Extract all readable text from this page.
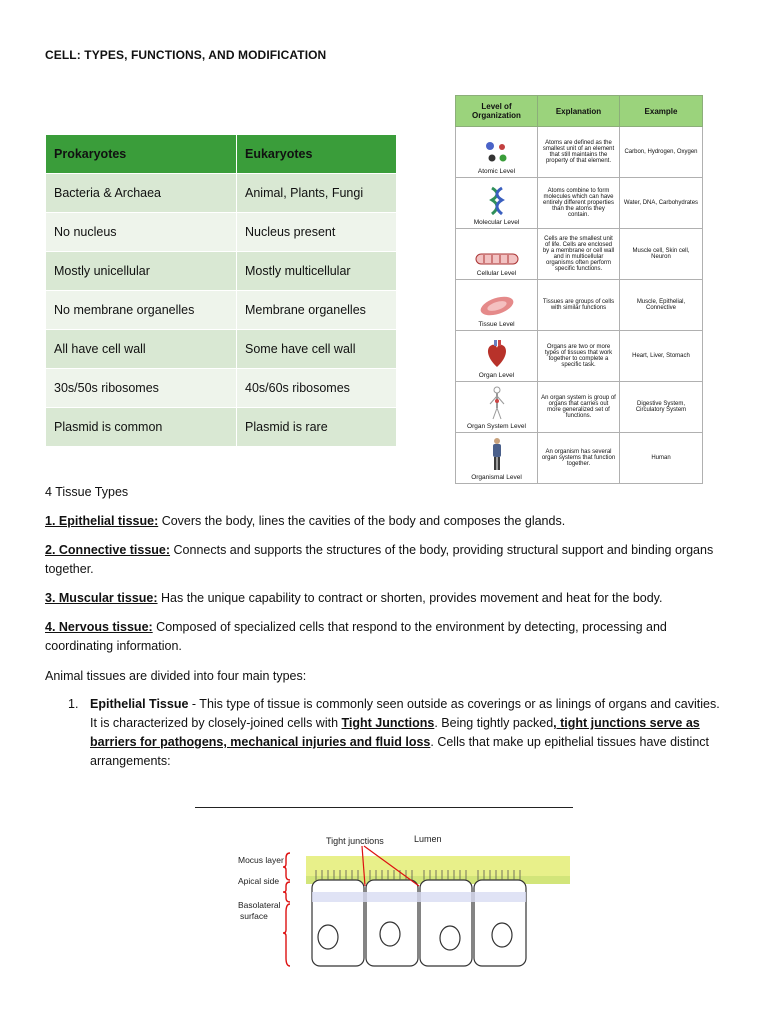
CELL: TYPES, FUNCTIONS, AND MODIFICATION
Prokaryotes	Eukaryotes
Bacteria & Archaea	Animal, Plants, Fungi
No nucleus	Nucleus present
Mostly unicellular	Mostly multicellular
No membrane organelles	Membrane organelles
All have cell wall	Some have cell wall
30s/50s ribosomes	40s/60s ribosomes
Plasmid is common	Plasmid is rare
Level of Organization	Explanation	Example

Atomic Level	Atoms are defined as the smallest unit of an element that still maintains the property of that element.	Carbon, Hydrogen, Oxygen

Molecular Level	Atoms combine to form molecules which can have entirely different properties than the atoms they contain.	Water, DNA, Carbohydrates

Cellular Level	Cells are the smallest unit of life. Cells are enclosed by a membrane or cell wall and in multicellular organisms often perform specific functions.	Muscle cell, Skin cell, Neuron

Tissue Level	Tissues are groups of cells with similar functions	Muscle, Epithelial, Connective

Organ Level	Organs are two or more types of tissues that work together to complete a specific task.	Heart, Liver, Stomach

Organ System Level	An organ system is group of organs that carries out more generalized set of functions.	Digestive System, Circulatory System

Organismal Level	An organism has several organ systems that function together.	Human
4 Tissue Types
1. Epithelial tissue: Covers the body, lines the cavities of the body and composes the glands.
2. Connective tissue: Connects and supports the structures of the body, providing structural support and binding organs together.
3. Muscular tissue: Has the unique capability to contract or shorten, provides movement and heat for the body.
4. Nervous tissue: Composed of specialized cells that respond to the environment by detecting, processing and coordinating information.
Animal tissues are divided into four main types:
1. Epithelial Tissue - This type of tissue is commonly seen outside as coverings or as linings of organs and cavities. It is characterized by closely-joined cells with Tight Junctions. Being tightly packed, tight junctions serve as barriers for pathogens, mechanical injuries and fluid loss. Cells that make up epithelial tissues have distinct arrangements:
Tight junctions	Lumen
Mocus layer
Apical side
Basolateral
surface
